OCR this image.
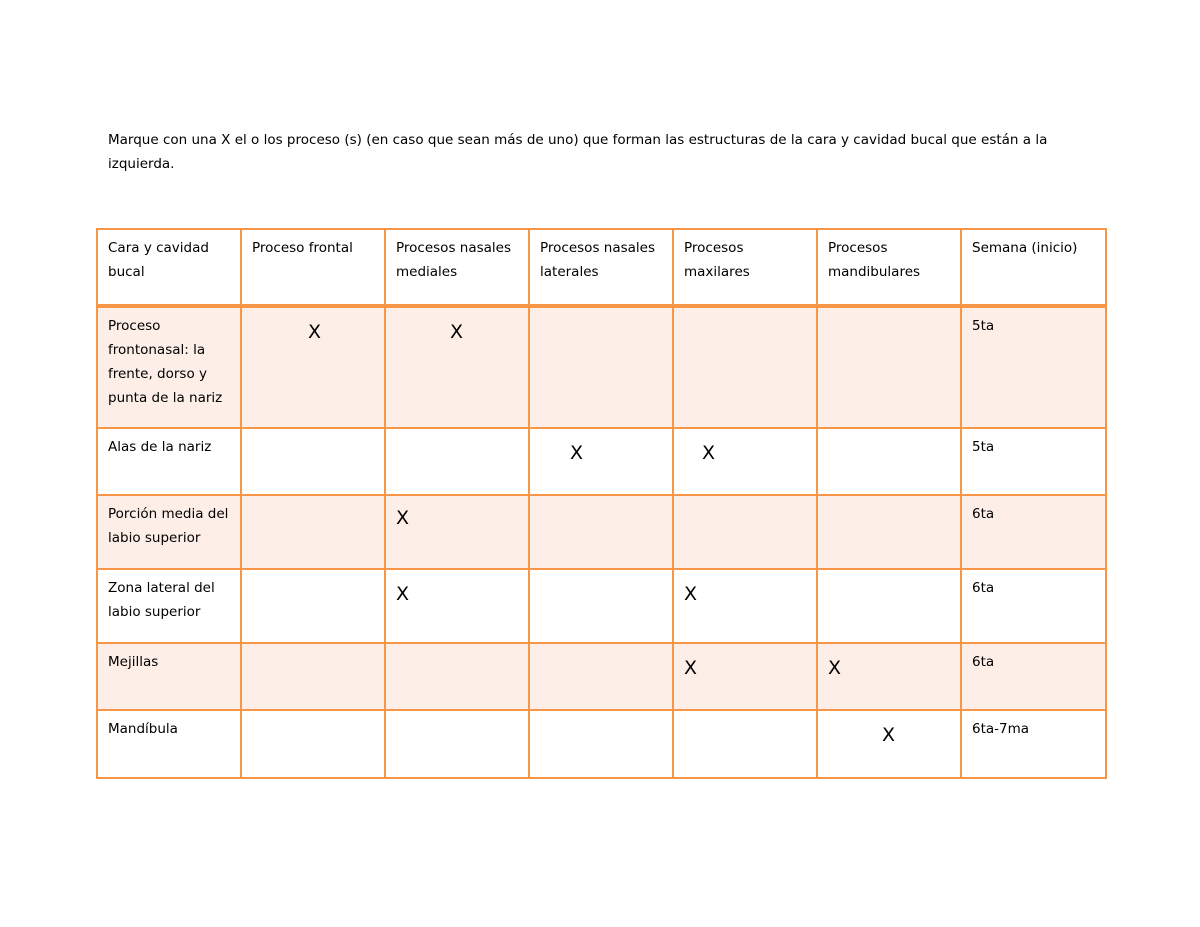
Marque con una X el o los proceso (s) (en caso que sean más de uno) que forman las estructuras de la cara y cavidad bucal que están a la izquierda.

Cara y cavidad bucal	Proceso frontal	Procesos nasales mediales	Procesos nasales laterales	Procesos maxilares	Procesos mandibulares	Semana (inicio)
Proceso frontonasal: la frente, dorso y punta de la nariz	X	X				5ta
Alas de la nariz			X	X		5ta
Porción media del labio superior		X				6ta
Zona lateral del labio superior		X		X		6ta
Mejillas				X	X	6ta
Mandíbula					X	6ta-7ma
